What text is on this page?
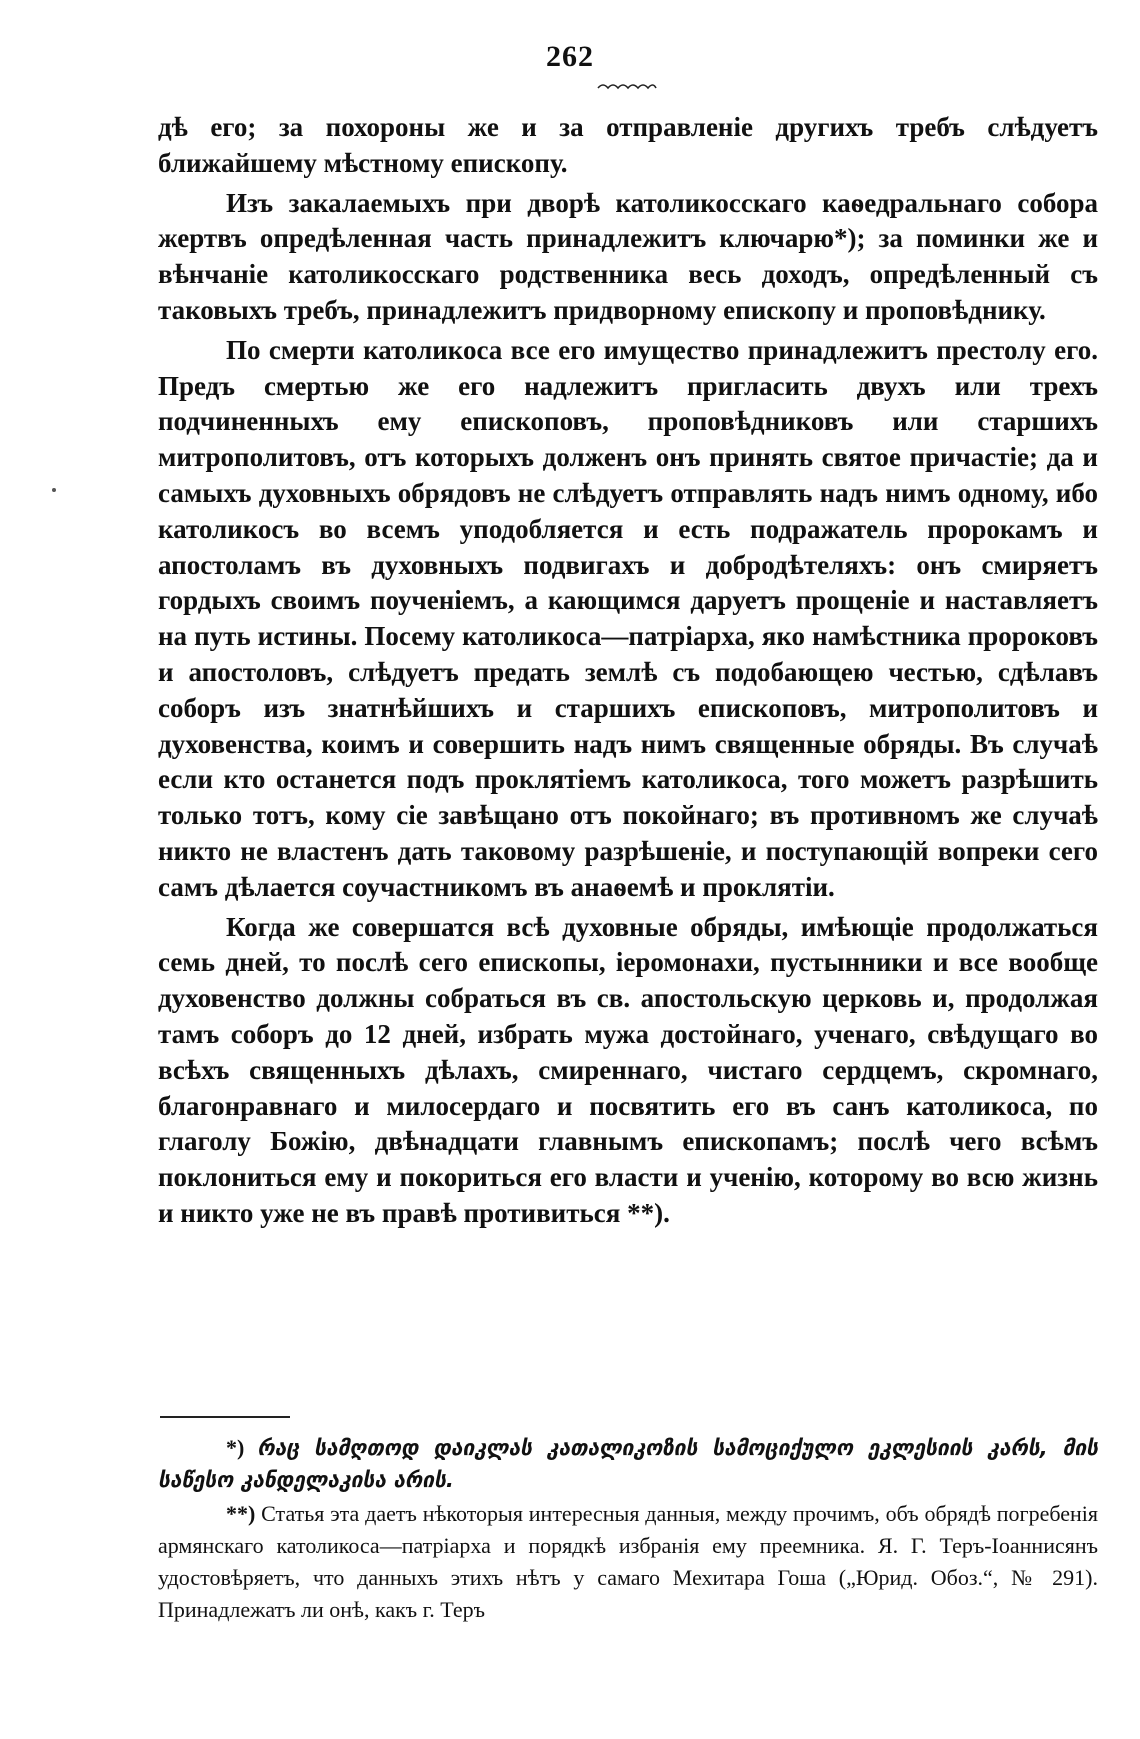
262

дѣ его; за похороны же и за отправленіе другихъ требъ слѣдуетъ ближайшему мѣстному епископу.

Изъ закалаемыхъ при дворѣ католикосскаго каѳедральнаго собора жертвъ опредѣленная часть принадлежитъ ключарю*); за поминки же и вѣнчаніе католикосскаго родственника весь доходъ, опредѣленный съ таковыхъ требъ, принадлежитъ придворному епископу и проповѣднику.

По смерти католикоса все его имущество принадлежитъ престолу его. Предъ смертью же его надлежитъ пригласить двухъ или трехъ подчиненныхъ ему епископовъ, проповѣдниковъ или старшихъ митрополитовъ, отъ которыхъ долженъ онъ принять святое причастіе; да и самыхъ духовныхъ обрядовъ не слѣдуетъ отправлять надъ нимъ одному, ибо католикосъ во всемъ уподобляется и есть подражатель пророкамъ и апостоламъ въ духовныхъ подвигахъ и добродѣтеляхъ: онъ смиряетъ гордыхъ своимъ поученіемъ, а кающимся даруетъ прощеніе и наставляетъ на путь истины. Посему католикоса—патріарха, яко намѣстника пророковъ и апостоловъ, слѣдуетъ предать землѣ съ подобающею честью, сдѣлавъ соборъ изъ знатнѣйшихъ и старшихъ епископовъ, митрополитовъ и духовенства, коимъ и совершить надъ нимъ священные обряды. Въ случаѣ если кто останется подъ проклятіемъ католикоса, того можетъ разрѣшить только тотъ, кому сіе завѣщано отъ покойнаго; въ противномъ же случаѣ никто не властенъ дать таковому разрѣшеніе, и поступающій вопреки сего самъ дѣлается соучастникомъ въ анаѳемѣ и проклятіи.

Когда же совершатся всѣ духовные обряды, имѣющіе продолжаться семь дней, то послѣ сего епископы, іеромонахи, пустынники и все вообще духовенство должны собраться въ св. апостольскую церковь и, продолжая тамъ соборъ до 12 дней, избрать мужа достойнаго, ученаго, свѣдущаго во всѣхъ священныхъ дѣлахъ, смиреннаго, чистаго сердцемъ, скромнаго, благонравнаго и милосердаго и посвятить его въ санъ католикоса, по глаголу Божію, двѣнадцати главнымъ епископамъ; послѣ чего всѣмъ поклониться ему и покориться его власти и ученію, которому во всю жизнь и никто уже не въ правѣ противиться **).

*) რაც სამღთოდ დაიკლას კათალიკოზის სამოციქულო ეკლესიის კარს, მის საწესო კანდელაკისა არის.

**) Статья эта даетъ нѣкоторыя интересныя данныя, между прочимъ, объ обрядѣ погребенія армянскаго католикоса—патріарха и порядкѣ избранія ему преемника. Я. Г. Теръ-Іоаннисянъ удостовѣряетъ, что данныхъ этихъ нѣтъ у самаго Мехитара Гоша („Юрид. Обоз.“, № 291). Принадлежатъ ли онѣ, какъ г. Теръ
